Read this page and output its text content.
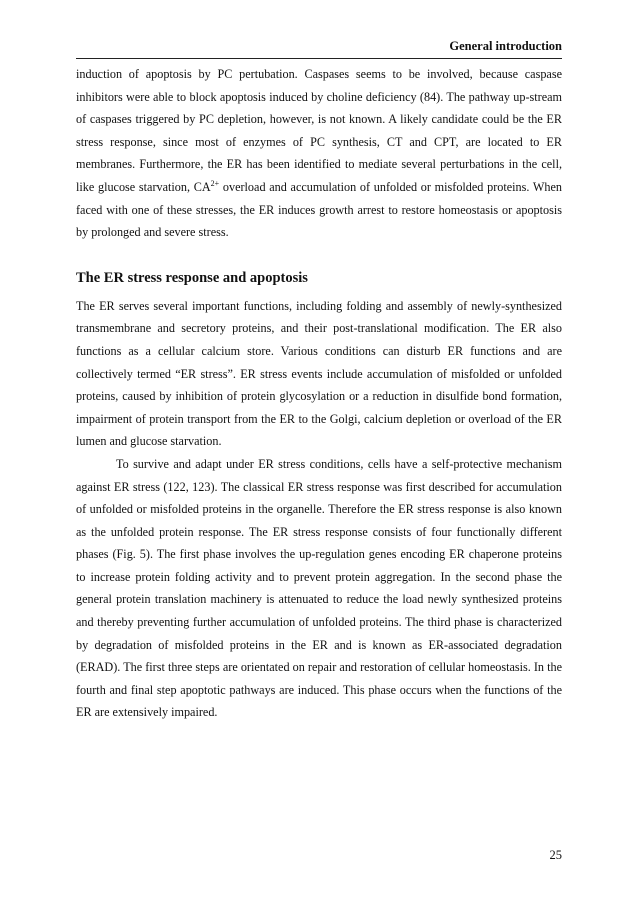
General introduction

induction of apoptosis by PC pertubation. Caspases seems to be involved, because caspase inhibitors were able to block apoptosis induced by choline deficiency (84). The pathway up-stream of caspases triggered by PC depletion, however, is not known. A likely candidate could be the ER stress response, since most of enzymes of PC synthesis, CT and CPT, are located to ER membranes. Furthermore, the ER has been identified to mediate several perturbations in the cell, like glucose starvation, $CA^{2+}$ overload and accumulation of unfolded or misfolded proteins. When faced with one of these stresses, the ER induces growth arrest to restore homeostasis or apoptosis by prolonged and severe stress.

The ER stress response and apoptosis

The ER serves several important functions, including folding and assembly of newly-synthesized transmembrane and secretory proteins, and their post-translational modification. The ER also functions as a cellular calcium store. Various conditions can disturb ER functions and are collectively termed “ER stress”. ER stress events include accumulation of misfolded or unfolded proteins, caused by inhibition of protein glycosylation or a reduction in disulfide bond formation, impairment of protein transport from the ER to the Golgi, calcium depletion or overload of the ER lumen and glucose starvation.

To survive and adapt under ER stress conditions, cells have a self-protective mechanism against ER stress (122, 123). The classical ER stress response was first described for accumulation of unfolded or misfolded proteins in the organelle. Therefore the ER stress response is also known as the unfolded protein response. The ER stress response consists of four functionally different phases (Fig. 5). The first phase involves the up-regulation genes encoding ER chaperone proteins to increase protein folding activity and to prevent protein aggregation. In the second phase the general protein translation machinery is attenuated to reduce the load newly synthesized proteins and thereby preventing further accumulation of unfolded proteins. The third phase is characterized by degradation of misfolded proteins in the ER and is known as ER-associated degradation (ERAD). The first three steps are orientated on repair and restoration of cellular homeostasis. In the fourth and final step apoptotic pathways are induced. This phase occurs when the functions of the ER are extensively impaired.

25
